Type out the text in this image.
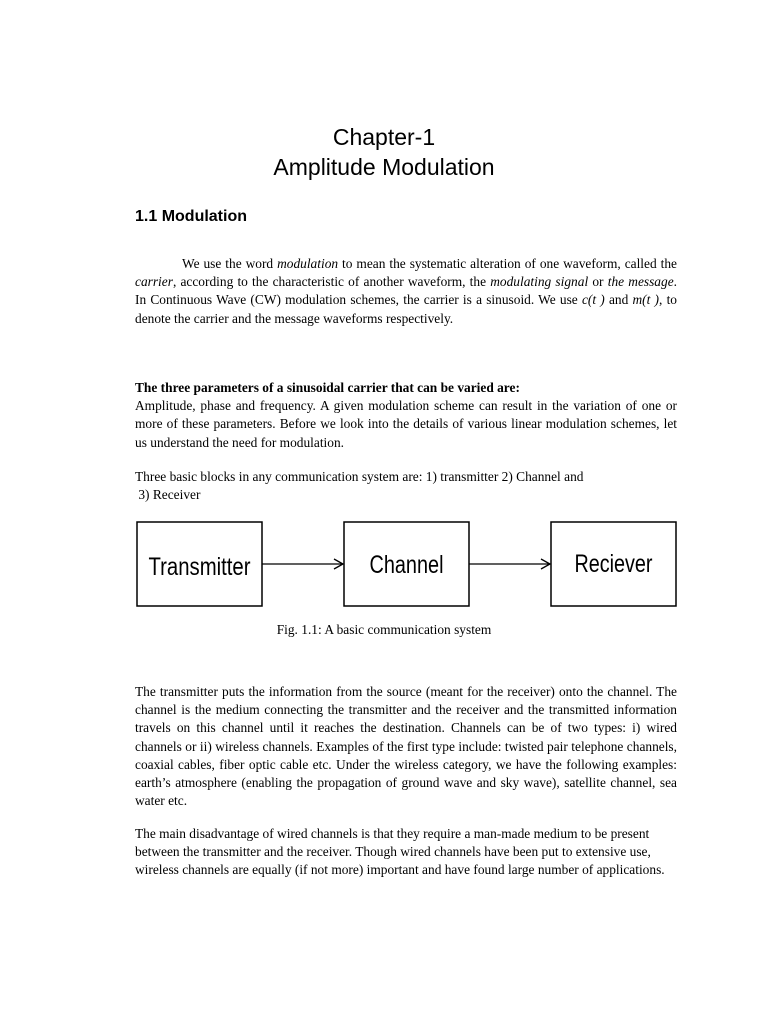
Chapter-1
Amplitude Modulation
1.1 Modulation
We use the word modulation to mean the systematic alteration of one waveform, called the carrier, according to the characteristic of another waveform, the modulating signal or the message. In Continuous Wave (CW) modulation schemes, the carrier is a sinusoid. We use c(t ) and m(t ), to denote the carrier and the message waveforms respectively.
The three parameters of a sinusoidal carrier that can be varied are:
Amplitude, phase and frequency. A given modulation scheme can result in the variation of one or more of these parameters. Before we look into the details of various linear modulation schemes, let us understand the need for modulation.
Three basic blocks in any communication system are: 1) transmitter 2) Channel and
3) Receiver
Transmitter	Channel	Reciever
Fig. 1.1: A basic communication system
The transmitter puts the information from the source (meant for the receiver) onto the channel. The channel is the medium connecting the transmitter and the receiver and the transmitted information travels on this channel until it reaches the destination. Channels can be of two types: i) wired channels or ii) wireless channels. Examples of the first type include: twisted pair telephone channels, coaxial cables, fiber optic cable etc. Under the wireless category, we have the following examples: earth’s atmosphere (enabling the propagation of ground wave and sky wave), satellite channel, sea water etc.
The main disadvantage of wired channels is that they require a man-made medium to be present between the transmitter and the receiver. Though wired channels have been put to extensive use, wireless channels are equally (if not more) important and have found large number of applications.
